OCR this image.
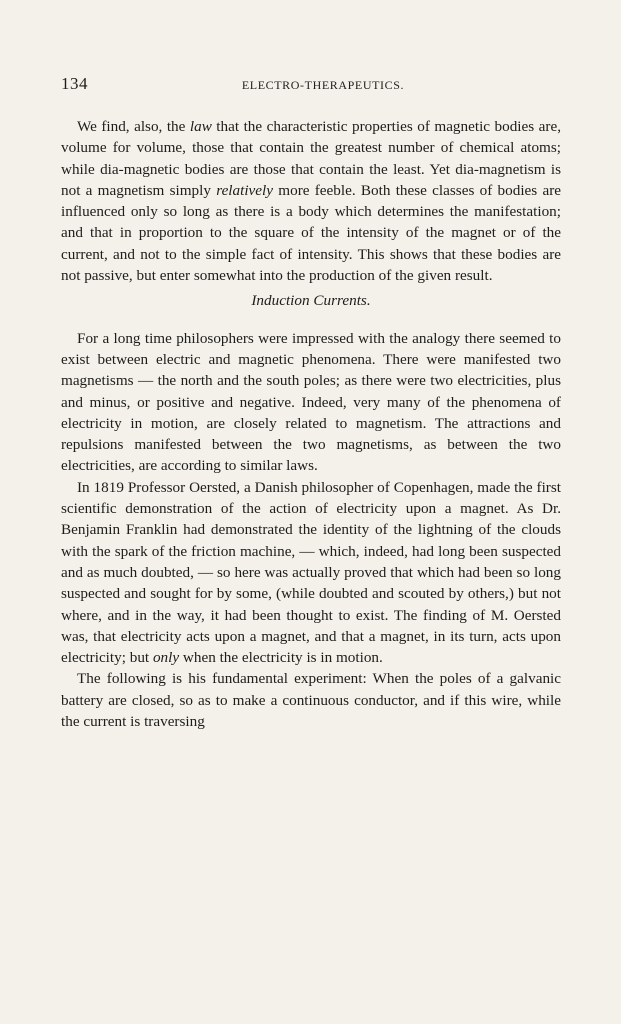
134	ELECTRO-THERAPEUTICS.

We find, also, the law that the characteristic properties of magnetic bodies are, volume for volume, those that contain the greatest number of chemical atoms; while dia-magnetic bodies are those that contain the least. Yet dia-magnetism is not a magnetism simply relatively more feeble. Both these classes of bodies are influenced only so long as there is a body which determines the manifestation; and that in proportion to the square of the intensity of the magnet or of the current, and not to the simple fact of intensity. This shows that these bodies are not passive, but enter somewhat into the production of the given result.

Induction Currents.

For a long time philosophers were impressed with the analogy there seemed to exist between electric and magnetic phenomena. There were manifested two magnetisms — the north and the south poles; as there were two electricities, plus and minus, or positive and negative. Indeed, very many of the phenomena of electricity in motion, are closely related to magnetism. The attractions and repulsions manifested between the two magnetisms, as between the two electricities, are according to similar laws.

In 1819 Professor Oersted, a Danish philosopher of Copenhagen, made the first scientific demonstration of the action of electricity upon a magnet. As Dr. Benjamin Franklin had demonstrated the identity of the lightning of the clouds with the spark of the friction machine, — which, indeed, had long been suspected and as much doubted, — so here was actually proved that which had been so long suspected and sought for by some, (while doubted and scouted by others,) but not where, and in the way, it had been thought to exist. The finding of M. Oersted was, that electricity acts upon a magnet, and that a magnet, in its turn, acts upon electricity; but only when the electricity is in motion.

The following is his fundamental experiment: When the poles of a galvanic battery are closed, so as to make a continuous conductor, and if this wire, while the current is traversing
